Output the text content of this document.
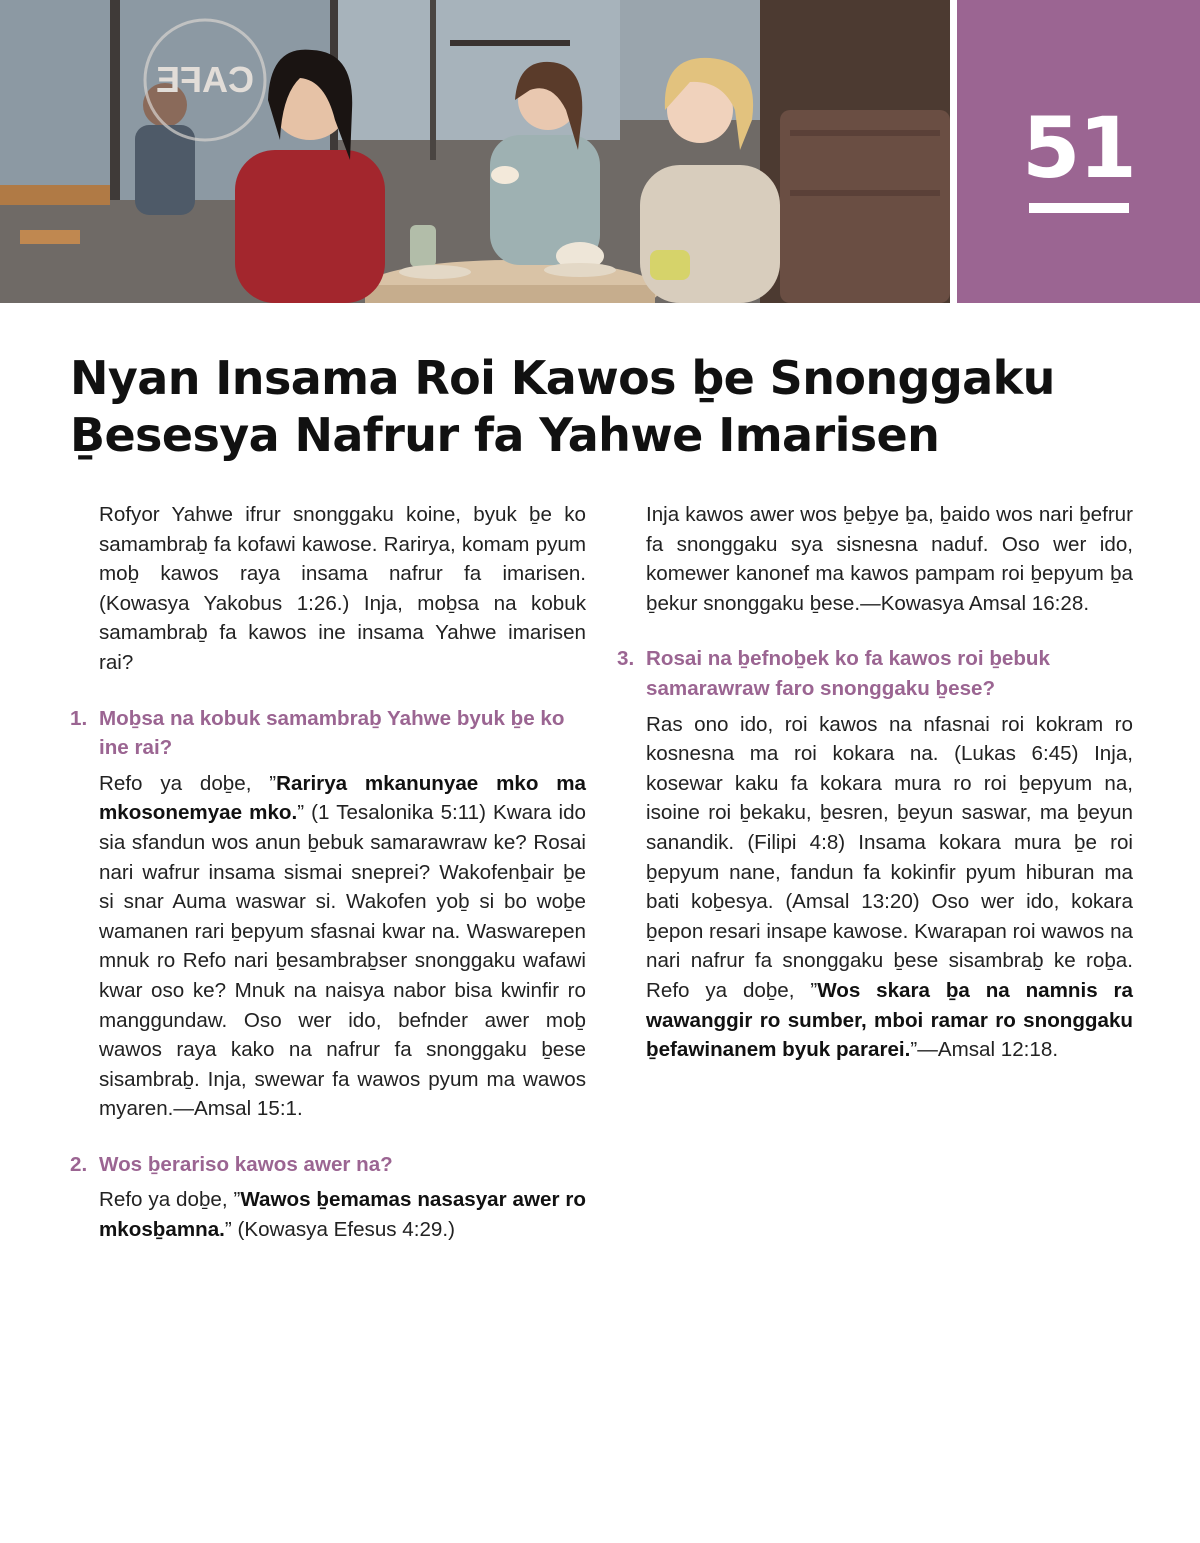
CAFE
51
Nyan Insama Roi Kawos ḇe Snonggaku
Ḇesesya Nafrur fa Yahwe Imarisen

Rofyor Yahwe ifrur snonggaku koine, byuk ḇe ko samambraḇ fa kofawi kawose. Rarirya, komam pyum moḇ kawos raya insama nafrur fa imarisen. (Kowasya Yakobus 1:26.) Inja, moḇsa na kobuk samambraḇ fa kawos ine insama Yahwe imarisen rai?

1. Moḇsa na kobuk samambraḇ Yahwe byuk ḇe ko ine rai?

Refo ya doḇe, ”Rarirya mkanunyae mko ma mkosonemyae mko.” (1 Tesalonika 5:11) Kwara ido sia sfandun wos anun ḇebuk samarawraw ke? Rosai nari wafrur insama sismai sneprei? Wakofenḇair ḇe si snar Auma waswar si. Wakofen yoḇ si bo woḇe wamanen rari ḇepyum sfasnai kwar na. Waswarepen mnuk ro Refo nari ḇesambraḇser snonggaku wafawi kwar oso ke? Mnuk na naisya nabor bisa kwinfir ro manggundaw. Oso wer ido, befnder awer moḇ wawos raya kako na nafrur fa snonggaku ḇese sisambraḇ. Inja, swewar fa wawos pyum ma wawos myaren.—Amsal 15:1.

2. Wos ḇerariso kawos awer na?

Refo ya doḇe, ”Wawos ḇemamas nasasyar awer ro mkosḇamna.” (Kowasya Efesus 4:29.)

Inja kawos awer wos ḇeḇye ḇa, ḇaido wos nari ḇefrur fa snonggaku sya sisnesna naduf. Oso wer ido, komewer kanonef ma kawos pampam roi ḇepyum ḇa ḇekur snonggaku ḇese.—Kowasya Amsal 16:28.

3. Rosai na ḇefnoḇek ko fa kawos roi ḇebuk samarawraw faro snonggaku ḇese?

Ras ono ido, roi kawos na nfasnai roi kokram ro kosnesna ma roi kokara na. (Lukas 6:45) Inja, kosewar kaku fa kokara mura ro roi ḇepyum na, isoine roi ḇekaku, ḇesren, ḇeyun saswar, ma ḇeyun sanandik. (Filipi 4:8) Insama kokara mura ḇe roi ḇepyum nane, fandun fa kokinfir pyum hiburan ma bati koḇesya. (Amsal 13:20) Oso wer ido, kokara ḇepon resari insape kawose. Kwarapan roi wawos na nari nafrur fa snonggaku ḇese sisambraḇ ke roḇa. Refo ya doḇe, ”Wos skara ḇa na namnis ra wawanggir ro sumber, mboi ramar ro snonggaku ḇefawinanem byuk pararei.”—Amsal 12:18.
